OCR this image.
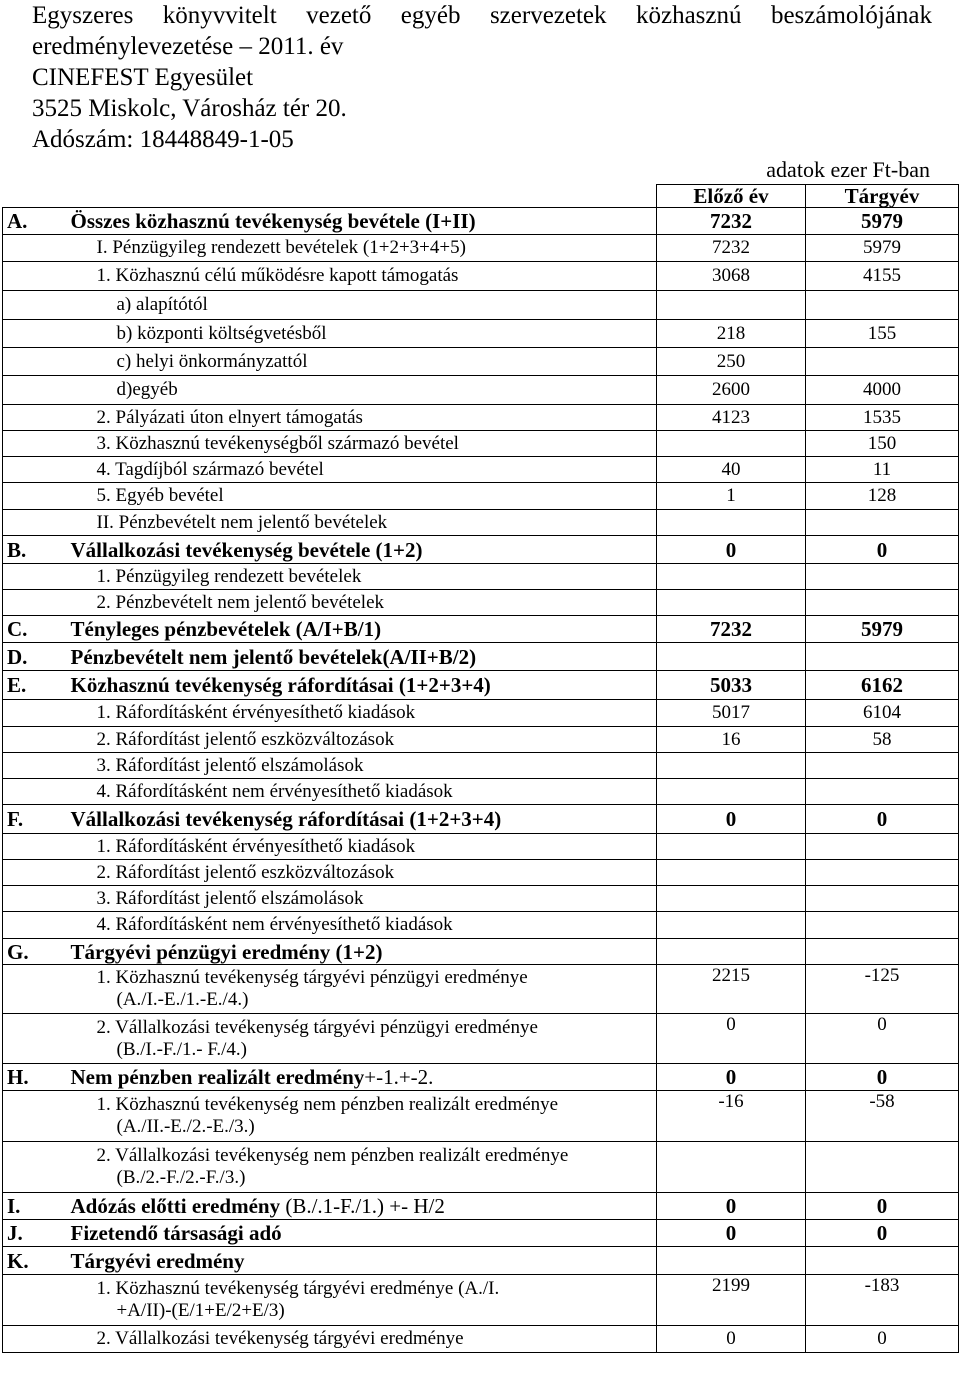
Egyszeres könyvvitelt vezető egyéb szervezetek közhasznú beszámolójának
eredménylevezetése – 2011. év
CINEFEST Egyesület
3525 Miskolc, Városház tér 20.
Adószám: 18448849-1-05
adatok ezer Ft-ban
		Előző év	Tárgyév
A.	Összes közhasznú tevékenység bevétele (I+II)	7232	5979
	I. Pénzügyileg rendezett bevételek (1+2+3+4+5)	7232	5979
	1. Közhasznú célú működésre kapott támogatás	3068	4155
	a) alapítótól		
	b) központi költségvetésből	218	155
	c) helyi önkormányzattól	250	
	d)egyéb	2600	4000
	2. Pályázati úton elnyert támogatás	4123	1535
	3. Közhasznú tevékenységből származó bevétel		150
	4. Tagdíjból származó bevétel	40	11
	5. Egyéb bevétel	1	128
	II. Pénzbevételt nem jelentő bevételek		
B.	Vállalkozási tevékenység bevétele (1+2)	0	0
	1. Pénzügyileg rendezett bevételek		
	2. Pénzbevételt nem jelentő bevételek		
C.	Tényleges pénzbevételek (A/I+B/1)	7232	5979
D.	Pénzbevételt nem jelentő bevételek(A/II+B/2)		
E.	Közhasznú tevékenység ráfordításai (1+2+3+4)	5033	6162
	1. Ráfordításként érvényesíthető kiadások	5017	6104
	2. Ráfordítást jelentő eszközváltozások	16	58
	3. Ráfordítást jelentő elszámolások		
	4. Ráfordításként nem érvényesíthető kiadások		
F.	Vállalkozási tevékenység ráfordításai (1+2+3+4)	0	0
	1. Ráfordításként érvényesíthető kiadások		
	2. Ráfordítást jelentő eszközváltozások		
	3. Ráfordítást jelentő elszámolások		
	4. Ráfordításként nem érvényesíthető kiadások		
G.	Tárgyévi pénzügyi eredmény (1+2)		
	1. Közhasznú tevékenység tárgyévi pénzügyi eredménye
(A./I.-E./1.-E./4.)	2215	-125
	2. Vállalkozási tevékenység tárgyévi pénzügyi eredménye
(B./I.-F./1.- F./4.)	0	0
H.	Nem pénzben realizált eredmény+-1.+-2.	0	0
	1. Közhasznú tevékenység nem pénzben realizált eredménye
(A./II.-E./2.-E./3.)	-16	-58
	2. Vállalkozási tevékenység nem pénzben realizált eredménye
(B./2.-F./2.-F./3.)		

I.	Adózás előtti eredmény (B./.1-F./1.) +- H/2	0	0
J.	Fizetendő társasági adó	0	0
K.	Tárgyévi eredmény		
	1. Közhasznú tevékenység tárgyévi eredménye (A./I.
+A/II)-(E/1+E/2+E/3)	2199	-183
	2. Vállalkozási tevékenység tárgyévi eredménye	0	0
